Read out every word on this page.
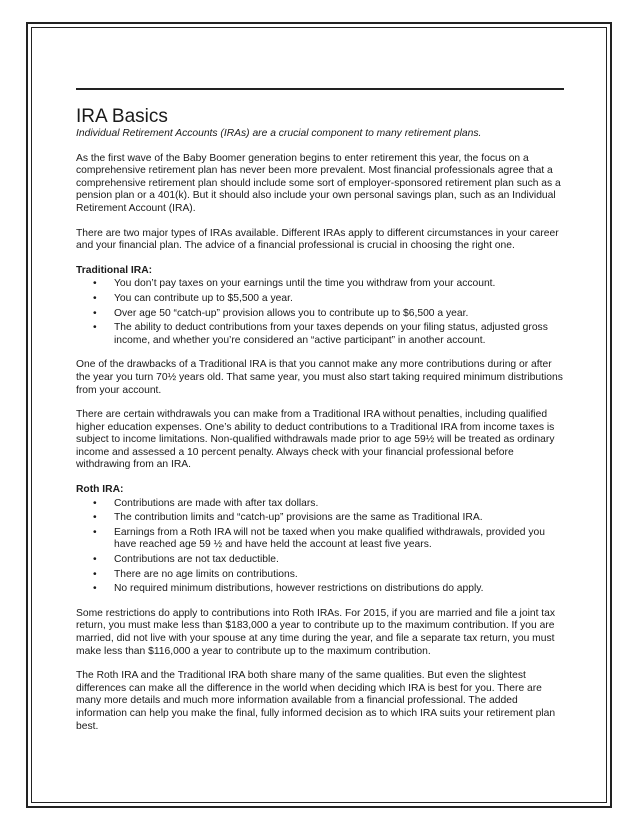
IRA Basics

Individual Retirement Accounts (IRAs) are a crucial component to many retirement plans.

As the first wave of the Baby Boomer generation begins to enter retirement this year, the focus on a comprehensive retirement plan has never been more prevalent. Most financial professionals agree that a comprehensive retirement plan should include some sort of employer-sponsored retirement plan such as a pension plan or a 401(k). But it should also include your own personal savings plan, such as an Individual Retirement Account (IRA).

There are two major types of IRAs available. Different IRAs apply to different circumstances in your career and your financial plan. The advice of a financial professional is crucial in choosing the right one.

Traditional IRA:
• You don’t pay taxes on your earnings until the time you withdraw from your account.
• You can contribute up to $5,500 a year.
• Over age 50 “catch-up” provision allows you to contribute up to $6,500 a year.
• The ability to deduct contributions from your taxes depends on your filing status, adjusted gross income, and whether you’re considered an “active participant” in another account.

One of the drawbacks of a Traditional IRA is that you cannot make any more contributions during or after the year you turn 70½ years old. That same year, you must also start taking required minimum distributions from your account.

There are certain withdrawals you can make from a Traditional IRA without penalties, including qualified higher education expenses. One’s ability to deduct contributions to a Traditional IRA from income taxes is subject to income limitations. Non-qualified withdrawals made prior to age 59½ will be treated as ordinary income and assessed a 10 percent penalty. Always check with your financial professional before withdrawing from an IRA.

Roth IRA:
• Contributions are made with after tax dollars.
• The contribution limits and “catch-up” provisions are the same as Traditional IRA.
• Earnings from a Roth IRA will not be taxed when you make qualified withdrawals, provided you have reached age 59 ½ and have held the account at least five years.
• Contributions are not tax deductible.
• There are no age limits on contributions.
• No required minimum distributions, however restrictions on distributions do apply.

Some restrictions do apply to contributions into Roth IRAs. For 2015, if you are married and file a joint tax return, you must make less than $183,000 a year to contribute up to the maximum contribution. If you are married, did not live with your spouse at any time during the year, and file a separate tax return, you must make less than $116,000 a year to contribute up to the maximum contribution.

The Roth IRA and the Traditional IRA both share many of the same qualities. But even the slightest differences can make all the difference in the world when deciding which IRA is best for you. There are many more details and much more information available from a financial professional. The added information can help you make the final, fully informed decision as to which IRA suits your retirement plan best.
